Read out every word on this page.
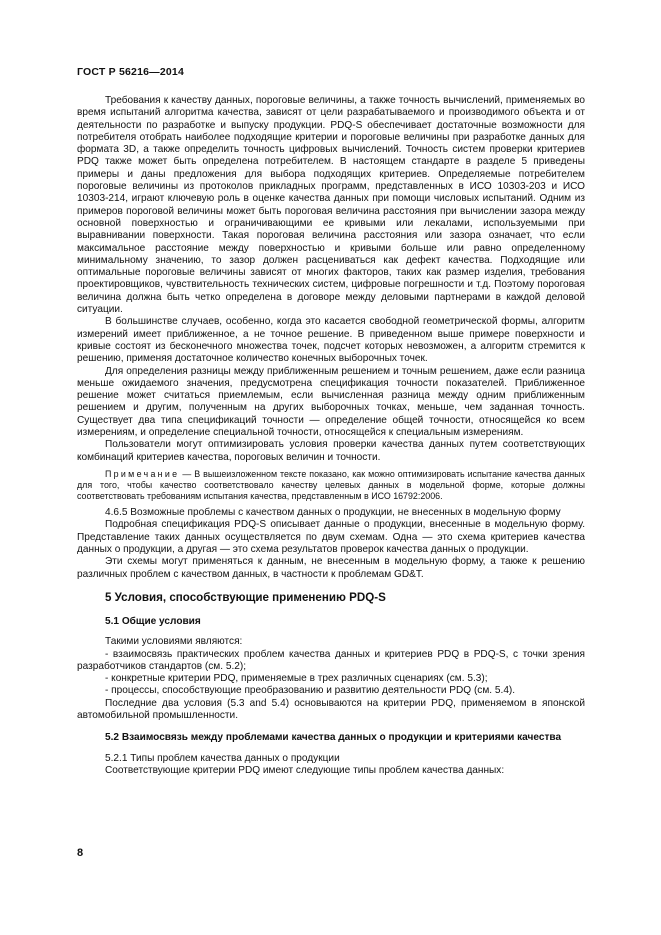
ГОСТ Р 56216—2014

Требования к качеству данных, пороговые величины, а также точность вычислений, применяемых во время испытаний алгоритма качества, зависят от цели разрабатываемого и производимого объекта и от деятельности по разработке и выпуску продукции. PDQ-S обеспечивает достаточные возможности для потребителя отобрать наиболее подходящие критерии и пороговые величины при разработке данных для формата 3D, а также определить точность цифровых вычислений. Точность систем проверки критериев PDQ также может быть определена потребителем. В настоящем стандарте в разделе 5 приведены примеры и даны предложения для выбора подходящих критериев. Определяемые потребителем пороговые величины из протоколов прикладных программ, представленных в ИСО 10303-203 и ИСО 10303-214, играют ключевую роль в оценке качества данных при помощи числовых испытаний. Одним из примеров пороговой величины может быть пороговая величина расстояния при вычислении зазора между основной поверхностью и ограничивающими ее кривыми или лекалами, используемыми при выравнивании поверхности. Такая пороговая величина расстояния или зазора означает, что если максимальное расстояние между поверхностью и кривыми больше или равно определенному минимальному значению, то зазор должен расцениваться как дефект качества. Подходящие или оптимальные пороговые величины зависят от многих факторов, таких как размер изделия, требования проектировщиков, чувствительность технических систем, цифровые погрешности и т.д. Поэтому пороговая величина должна быть четко определена в договоре между деловыми партнерами в каждой деловой ситуации.

В большинстве случаев, особенно, когда это касается свободной геометрической формы, алгоритм измерений имеет приближенное, а не точное решение. В приведенном выше примере поверхности и кривые состоят из бесконечного множества точек, подсчет которых невозможен, а алгоритм стремится к решению, применяя достаточное количество конечных выборочных точек.

Для определения разницы между приближенным решением и точным решением, даже если разница меньше ожидаемого значения, предусмотрена спецификация точности показателей. Приближенное решение может считаться приемлемым, если вычисленная разница между одним приближенным решением и другим, полученным на других выборочных точках, меньше, чем заданная точность. Существует два типа спецификаций точности — определение общей точности, относящейся ко всем измерениям, и определение специальной точности, относящейся к специальным измерениям.

Пользователи могут оптимизировать условия проверки качества данных путем соответствующих комбинаций критериев качества, пороговых величин и точности.

Примечание — В вышеизложенном тексте показано, как можно оптимизировать испытание качества данных для того, чтобы качество соответствовало качеству целевых данных в модельной форме, которые должны соответствовать требованиям испытания качества, представленным в ИСО 16792:2006.

4.6.5 Возможные проблемы с качеством данных о продукции, не внесенных в модельную форму

Подробная спецификация PDQ-S описывает данные о продукции, внесенные в модельную форму. Представление таких данных осуществляется по двум схемам. Одна — это схема критериев качества данных о продукции, а другая — это схема результатов проверок качества данных о продукции.

Эти схемы могут применяться к данным, не внесенным в модельную форму, а также к решению различных проблем с качеством данных, в частности к проблемам GD&T.

5 Условия, способствующие применению PDQ-S
5.1 Общие условия

Такими условиями являются:

- взаимосвязь практических проблем качества данных и критериев PDQ в PDQ-S, с точки зрения разработчиков стандартов (см. 5.2);

- конкретные критерии PDQ, применяемые в трех различных сценариях (см. 5.3);

- процессы, способствующие преобразованию и развитию деятельности PDQ (см. 5.4).

Последние два условия (5.3 and 5.4) основываются на критерии PDQ, применяемом в японской автомобильной промышленности.

5.2 Взаимосвязь между проблемами качества данных о продукции и критериями качества

5.2.1 Типы проблем качества данных о продукции

Соответствующие критерии PDQ имеют следующие типы проблем качества данных:

8
